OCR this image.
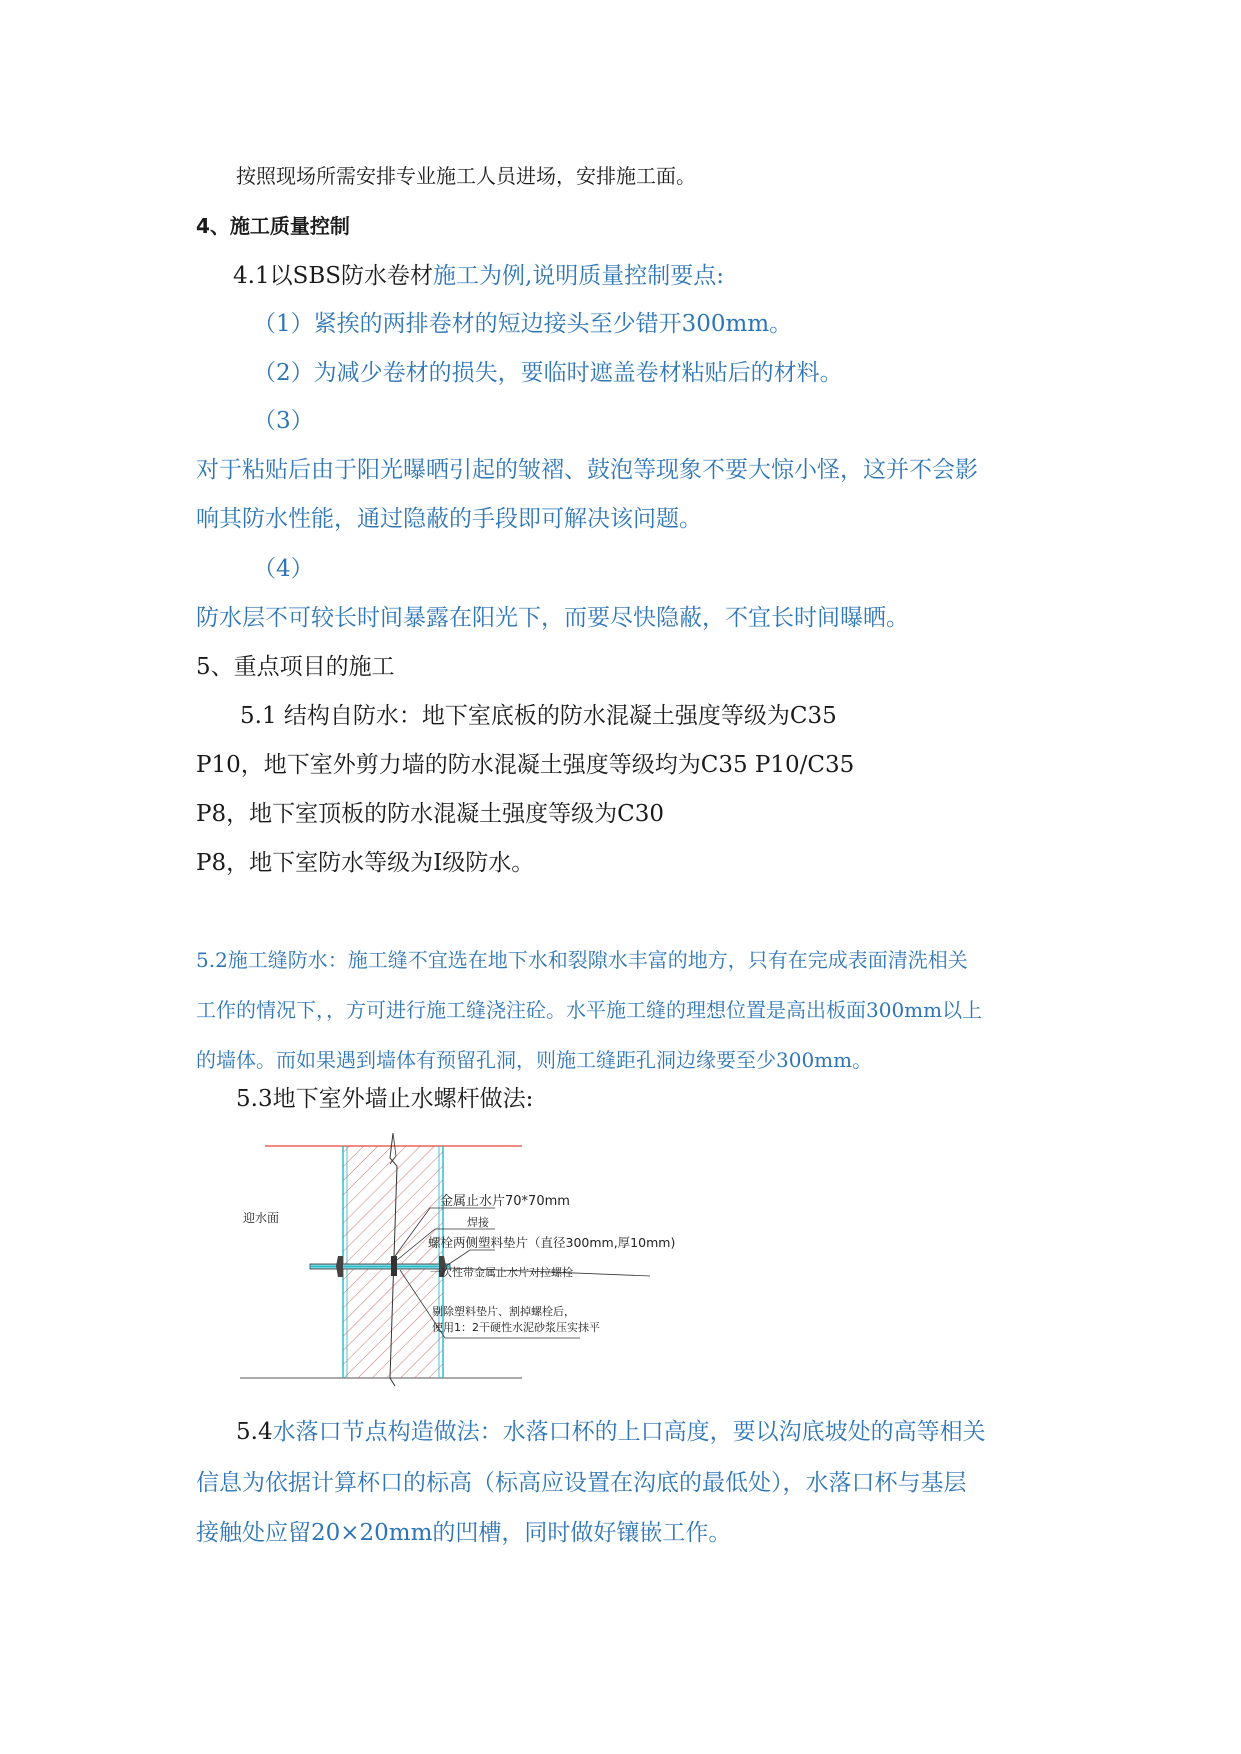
按照现场所需安排专业施工人员进场，安排施工面。
4、施工质量控制
4.1以SBS防水卷材施工为例,说明质量控制要点:
（1）紧挨的两排卷材的短边接头至少错开300mm。
（2）为减少卷材的损失，要临时遮盖卷材粘贴后的材料。
（3）
对于粘贴后由于阳光曝晒引起的皱褶、鼓泡等现象不要大惊小怪，这并不会影
响其防水性能，通过隐蔽的手段即可解决该问题。
（4）
防水层不可较长时间暴露在阳光下，而要尽快隐蔽，不宜长时间曝晒。
5、重点项目的施工
5.1 结构自防水：地下室底板的防水混凝土强度等级为C35
P10，地下室外剪力墙的防水混凝土强度等级均为C35 P10/C35
P8，地下室顶板的防水混凝土强度等级为C30
P8，地下室防水等级为Ⅰ级防水。
5.2施工缝防水：施工缝不宜选在地下水和裂隙水丰富的地方，只有在完成表面清洗相关
工作的情况下，，方可进行施工缝浇注砼。水平施工缝的理想位置是高出板面300mm以上
的墙体。而如果遇到墙体有预留孔洞，则施工缝距孔洞边缘要至少300mm。
5.3地下室外墙止水螺杆做法:
迎水面
金属止水片70*70mm
焊接
螺栓两侧塑料垫片（直径300mm,厚10mm)
一次性带金属止水片对拉螺栓
剔除塑料垫片、割掉螺栓后，
使用1：2干硬性水泥砂浆压实抹平
5.4水落口节点构造做法：水落口杯的上口高度，要以沟底坡处的高等相关
信息为依据计算杯口的标高（标高应设置在沟底的最低处），水落口杯与基层
接触处应留20×20mm的凹槽，同时做好镶嵌工作。
